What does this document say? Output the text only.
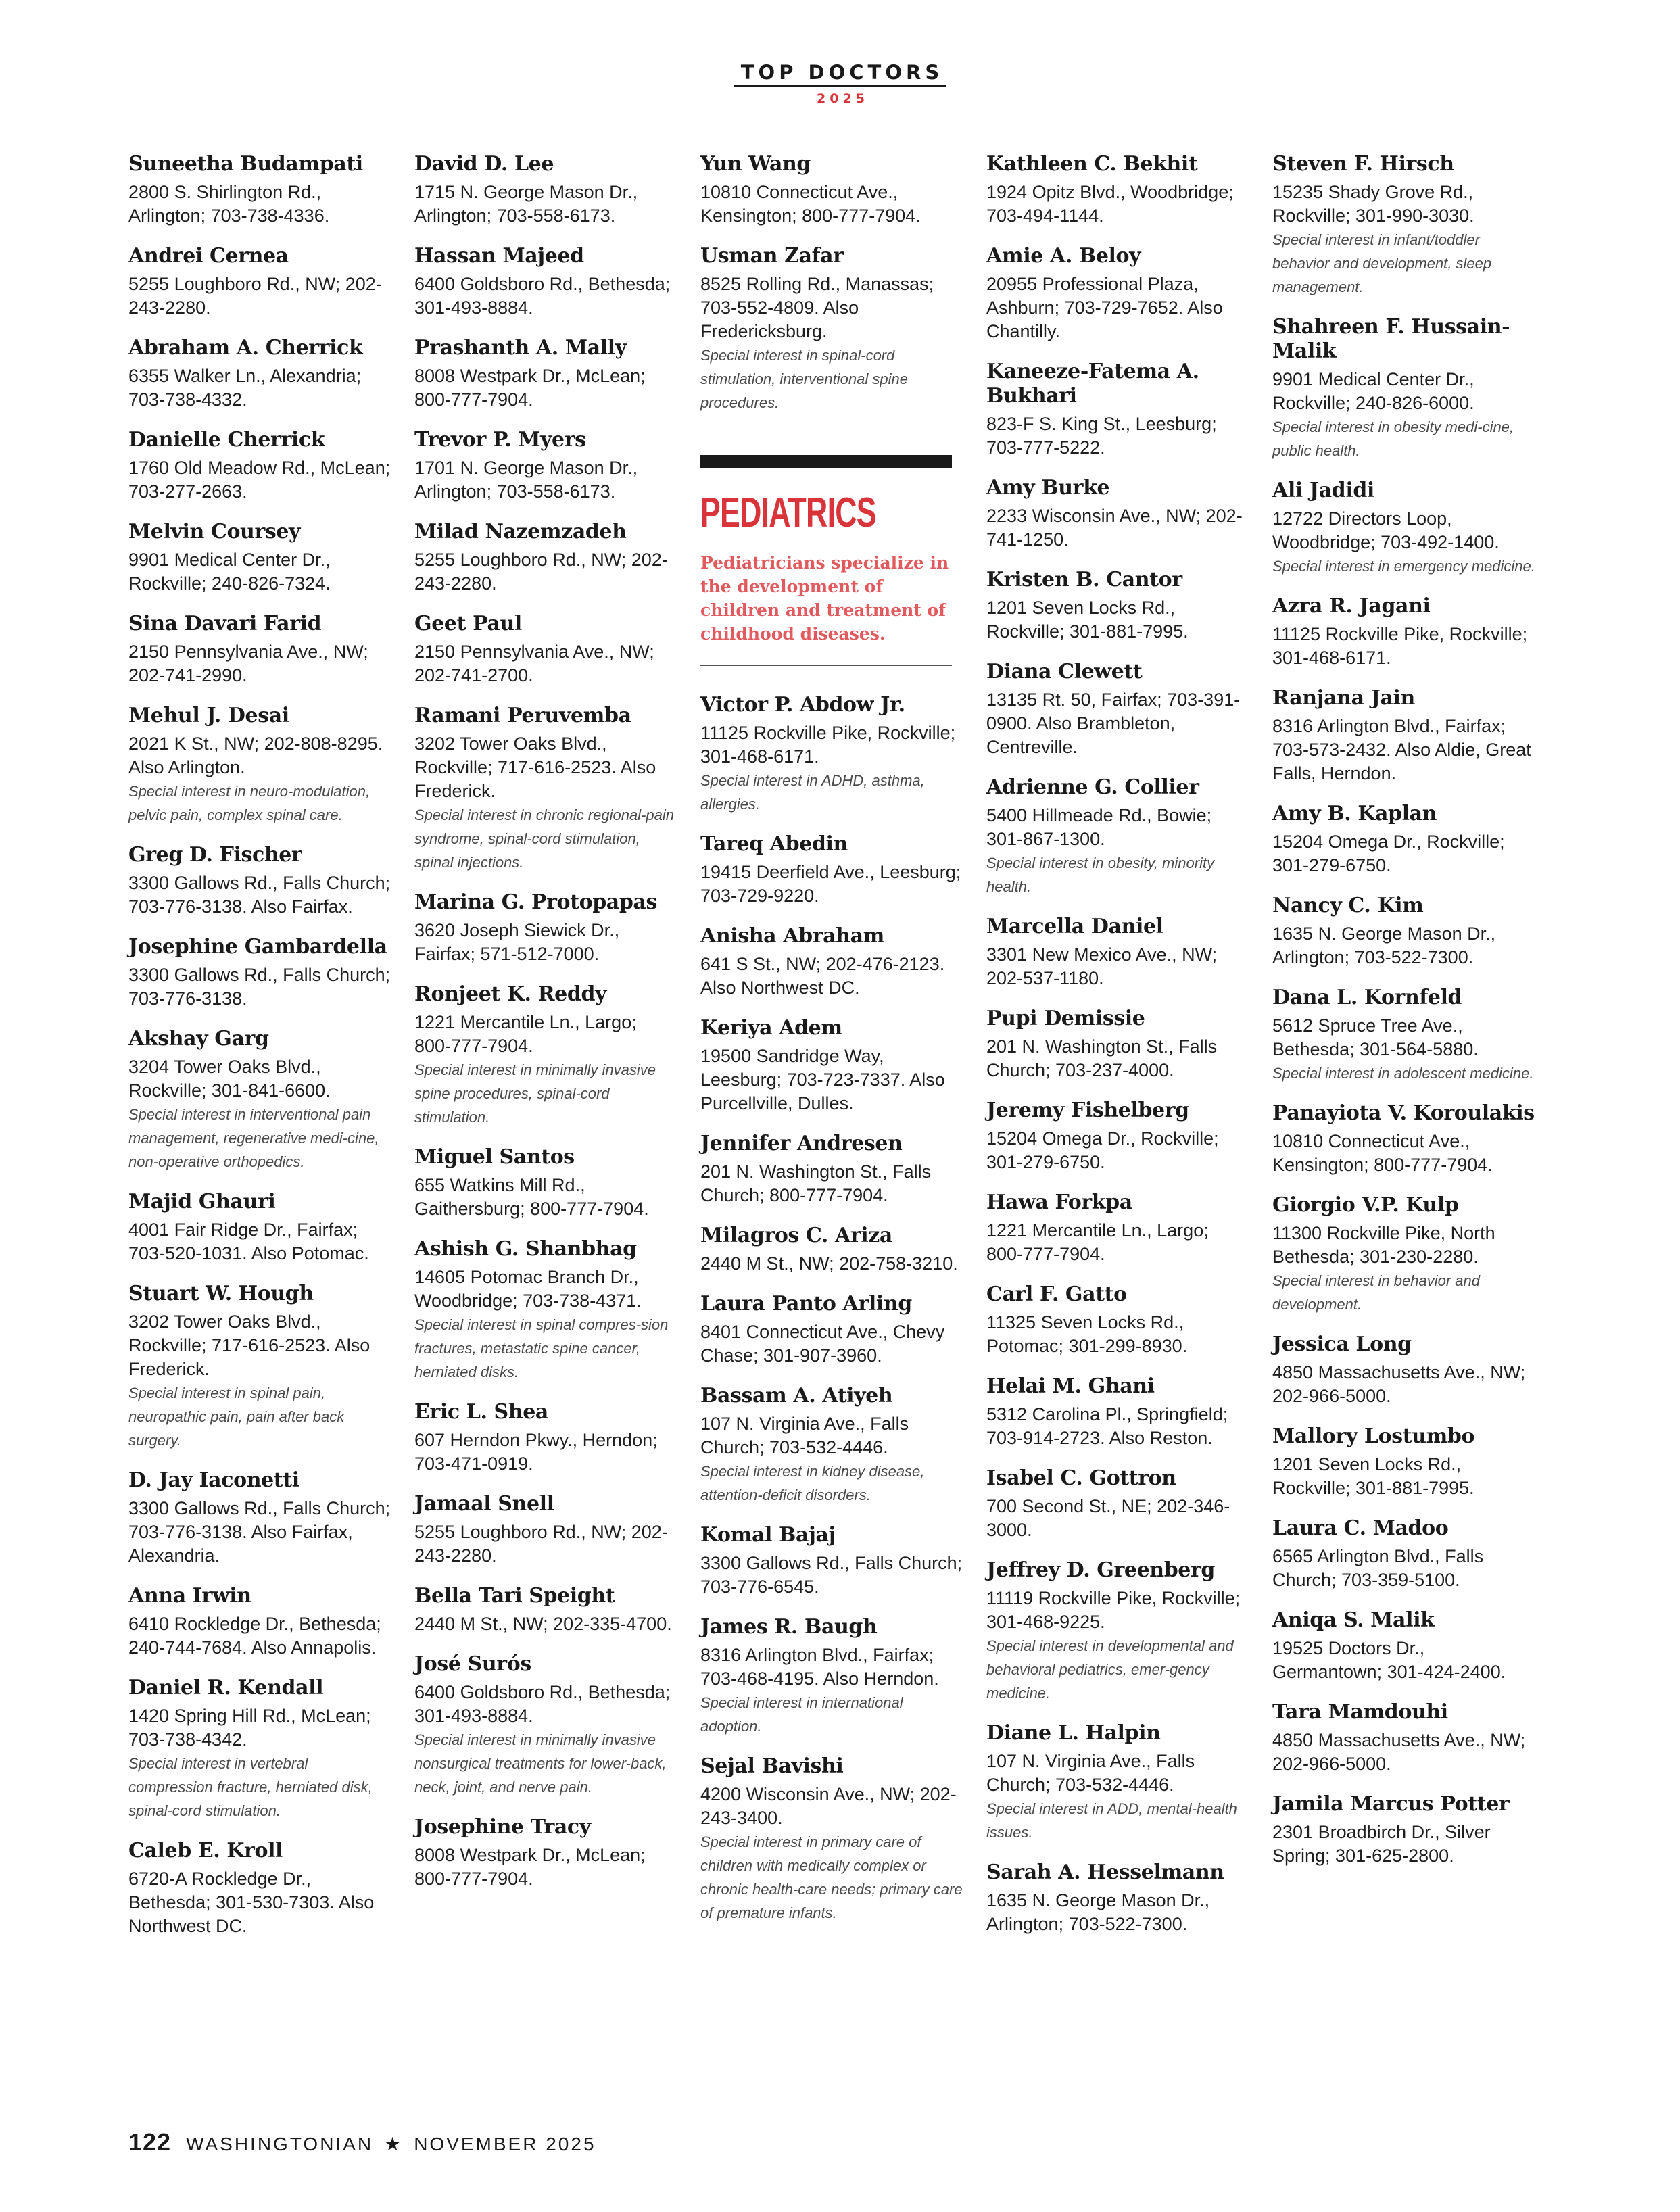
TOP DOCTORS
2025
Suneetha Budampati
2800 S. Shirlington Rd., Arlington; 703-738-4336.
Andrei Cernea
5255 Loughboro Rd., NW; 202-243-2280.
Abraham A. Cherrick
6355 Walker Ln., Alexandria; 703-738-4332.
Danielle Cherrick
1760 Old Meadow Rd., McLean; 703-277-2663.
Melvin Coursey
9901 Medical Center Dr., Rockville; 240-826-7324.
Sina Davari Farid
2150 Pennsylvania Ave., NW; 202-741-2990.
Mehul J. Desai
2021 K St., NW; 202-808-8295. Also Arlington.
Special interest in neuro-modulation, pelvic pain, complex spinal care.
Greg D. Fischer
3300 Gallows Rd., Falls Church; 703-776-3138. Also Fairfax.
Josephine Gambardella
3300 Gallows Rd., Falls Church; 703-776-3138.
Akshay Garg
3204 Tower Oaks Blvd., Rockville; 301-841-6600.
Special interest in interventional pain management, regenerative medi-cine, non-operative orthopedics.
Majid Ghauri
4001 Fair Ridge Dr., Fairfax; 703-520-1031. Also Potomac.
Stuart W. Hough
3202 Tower Oaks Blvd., Rockville; 717-616-2523. Also Frederick.
Special interest in spinal pain, neuropathic pain, pain after back surgery.
D. Jay Iaconetti
3300 Gallows Rd., Falls Church; 703-776-3138. Also Fairfax, Alexandria.
Anna Irwin
6410 Rockledge Dr., Bethesda; 240-744-7684. Also Annapolis.
Daniel R. Kendall
1420 Spring Hill Rd., McLean; 703-738-4342.
Special interest in vertebral compression fracture, herniated disk, spinal-cord stimulation.
Caleb E. Kroll
6720-A Rockledge Dr., Bethesda; 301-530-7303. Also Northwest DC.
David D. Lee
1715 N. George Mason Dr., Arlington; 703-558-6173.
Hassan Majeed
6400 Goldsboro Rd., Bethesda; 301-493-8884.
Prashanth A. Mally
8008 Westpark Dr., McLean; 800-777-7904.
Trevor P. Myers
1701 N. George Mason Dr., Arlington; 703-558-6173.
Milad Nazemzadeh
5255 Loughboro Rd., NW; 202-243-2280.
Geet Paul
2150 Pennsylvania Ave., NW; 202-741-2700.
Ramani Peruvemba
3202 Tower Oaks Blvd., Rockville; 717-616-2523. Also Frederick.
Special interest in chronic regional-pain syndrome, spinal-cord stimulation, spinal injections.
Marina G. Protopapas
3620 Joseph Siewick Dr., Fairfax; 571-512-7000.
Ronjeet K. Reddy
1221 Mercantile Ln., Largo; 800-777-7904.
Special interest in minimally invasive spine procedures, spinal-cord stimulation.
Miguel Santos
655 Watkins Mill Rd., Gaithersburg; 800-777-7904.
Ashish G. Shanbhag
14605 Potomac Branch Dr., Woodbridge; 703-738-4371.
Special interest in spinal compres-sion fractures, metastatic spine cancer, herniated disks.
Eric L. Shea
607 Herndon Pkwy., Herndon; 703-471-0919.
Jamaal Snell
5255 Loughboro Rd., NW; 202-243-2280.
Bella Tari Speight
2440 M St., NW; 202-335-4700.
José Surós
6400 Goldsboro Rd., Bethesda; 301-493-8884.
Special interest in minimally invasive nonsurgical treatments for lower-back, neck, joint, and nerve pain.
Josephine Tracy
8008 Westpark Dr., McLean; 800-777-7904.
Yun Wang
10810 Connecticut Ave., Kensington; 800-777-7904.
Usman Zafar
8525 Rolling Rd., Manassas; 703-552-4809. Also Fredericksburg.
Special interest in spinal-cord stimulation, interventional spine procedures.
PEDIATRICS
Pediatricians specialize in the development of children and treatment of childhood diseases.
Victor P. Abdow Jr.
11125 Rockville Pike, Rockville; 301-468-6171.
Special interest in ADHD, asthma, allergies.
Tareq Abedin
19415 Deerfield Ave., Leesburg; 703-729-9220.
Anisha Abraham
641 S St., NW; 202-476-2123. Also Northwest DC.
Keriya Adem
19500 Sandridge Way, Leesburg; 703-723-7337. Also Purcellville, Dulles.
Jennifer Andresen
201 N. Washington St., Falls Church; 800-777-7904.
Milagros C. Ariza
2440 M St., NW; 202-758-3210.
Laura Panto Arling
8401 Connecticut Ave., Chevy Chase; 301-907-3960.
Bassam A. Atiyeh
107 N. Virginia Ave., Falls Church; 703-532-4446.
Special interest in kidney disease, attention-deficit disorders.
Komal Bajaj
3300 Gallows Rd., Falls Church; 703-776-6545.
James R. Baugh
8316 Arlington Blvd., Fairfax; 703-468-4195. Also Herndon.
Special interest in international adoption.
Sejal Bavishi
4200 Wisconsin Ave., NW; 202-243-3400.
Special interest in primary care of children with medically complex or chronic health-care needs; primary care of premature infants.
Kathleen C. Bekhit
1924 Opitz Blvd., Woodbridge; 703-494-1144.
Amie A. Beloy
20955 Professional Plaza, Ashburn; 703-729-7652. Also Chantilly.
Kaneeze-Fatema A. Bukhari
823-F S. King St., Leesburg; 703-777-5222.
Amy Burke
2233 Wisconsin Ave., NW; 202-741-1250.
Kristen B. Cantor
1201 Seven Locks Rd., Rockville; 301-881-7995.
Diana Clewett
13135 Rt. 50, Fairfax; 703-391-0900. Also Brambleton, Centreville.
Adrienne G. Collier
5400 Hillmeade Rd., Bowie; 301-867-1300.
Special interest in obesity, minority health.
Marcella Daniel
3301 New Mexico Ave., NW; 202-537-1180.
Pupi Demissie
201 N. Washington St., Falls Church; 703-237-4000.
Jeremy Fishelberg
15204 Omega Dr., Rockville; 301-279-6750.
Hawa Forkpa
1221 Mercantile Ln., Largo; 800-777-7904.
Carl F. Gatto
11325 Seven Locks Rd., Potomac; 301-299-8930.
Helai M. Ghani
5312 Carolina Pl., Springfield; 703-914-2723. Also Reston.
Isabel C. Gottron
700 Second St., NE; 202-346-3000.
Jeffrey D. Greenberg
11119 Rockville Pike, Rockville; 301-468-9225.
Special interest in developmental and behavioral pediatrics, emer-gency medicine.
Diane L. Halpin
107 N. Virginia Ave., Falls Church; 703-532-4446.
Special interest in ADD, mental-health issues.
Sarah A. Hesselmann
1635 N. George Mason Dr., Arlington; 703-522-7300.
Steven F. Hirsch
15235 Shady Grove Rd., Rockville; 301-990-3030.
Special interest in infant/toddler behavior and development, sleep management.
Shahreen F. Hussain-Malik
9901 Medical Center Dr., Rockville; 240-826-6000.
Special interest in obesity medi-cine, public health.
Ali Jadidi
12722 Directors Loop, Woodbridge; 703-492-1400.
Special interest in emergency medicine.
Azra R. Jagani
11125 Rockville Pike, Rockville; 301-468-6171.
Ranjana Jain
8316 Arlington Blvd., Fairfax; 703-573-2432. Also Aldie, Great Falls, Herndon.
Amy B. Kaplan
15204 Omega Dr., Rockville; 301-279-6750.
Nancy C. Kim
1635 N. George Mason Dr., Arlington; 703-522-7300.
Dana L. Kornfeld
5612 Spruce Tree Ave., Bethesda; 301-564-5880.
Special interest in adolescent medicine.
Panayiota V. Koroulakis
10810 Connecticut Ave., Kensington; 800-777-7904.
Giorgio V.P. Kulp
11300 Rockville Pike, North Bethesda; 301-230-2280.
Special interest in behavior and development.
Jessica Long
4850 Massachusetts Ave., NW; 202-966-5000.
Mallory Lostumbo
1201 Seven Locks Rd., Rockville; 301-881-7995.
Laura C. Madoo
6565 Arlington Blvd., Falls Church; 703-359-5100.
Aniqa S. Malik
19525 Doctors Dr., Germantown; 301-424-2400.
Tara Mamdouhi
4850 Massachusetts Ave., NW; 202-966-5000.
Jamila Marcus Potter
2301 Broadbirch Dr., Silver Spring; 301-625-2800.
122 WASHINGTONIAN ★ NOVEMBER 2025
